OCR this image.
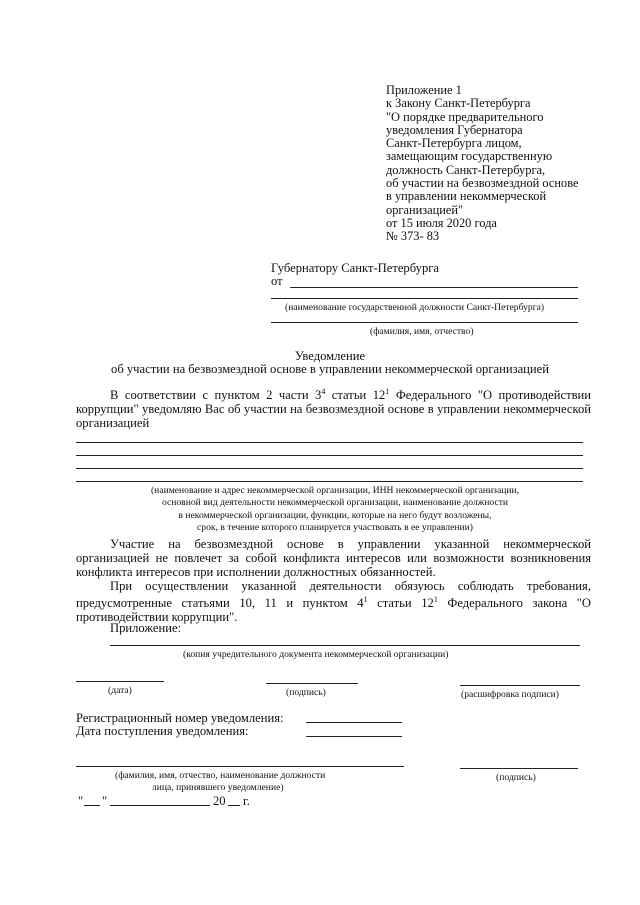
Приложение 1
к Закону Санкт-Петербурга
"О порядке предварительного
уведомления Губернатора
Санкт-Петербурга лицом,
замещающим государственную
должность Санкт-Петербурга,
об участии на безвозмездной основе
в управлении некоммерческой
организацией"
от 15 июля 2020 года
№ 373- 83
Губернатору Санкт-Петербурга
от
(наименование государственной должности Санкт-Петербурга)
(фамилия, имя, отчество)
Уведомление
об участии на безвозмездной основе в управлении некоммерческой организацией
В соответствии с пунктом 2 части $3^4$ статьи $12^1$ Федерального "О противодействии коррупции" уведомляю Вас об участии на безвозмездной основе в управлении некоммерческой организацией
(наименование и адрес некоммерческой организации, ИНН некоммерческой организации,
основной вид деятельности некоммерческой организации, наименование должности
в некоммерческой организации, функции, которые на него будут возложены,
срок, в течение которого планируется участвовать в ее управлении)
Участие на безвозмездной основе в управлении указанной некоммерческой организацией не повлечет за собой конфликта интересов или возможности возникновения конфликта интересов при исполнении должностных обязанностей.
При осуществлении указанной деятельности обязуюсь соблюдать требования, предусмотренные статьями 10, 11 и пунктом $4^1$ статьи $12^1$ Федерального закона "О противодействии коррупции".
Приложение:
(копия учредительного документа некоммерческой организации)
(дата)	(подпись)	(расшифровка подписи)
Регистрационный номер уведомления:
Дата поступления уведомления:
(фамилия, имя, отчество, наименование должности
лица, принявшего уведомление)
(подпись)
" "	20 г.
